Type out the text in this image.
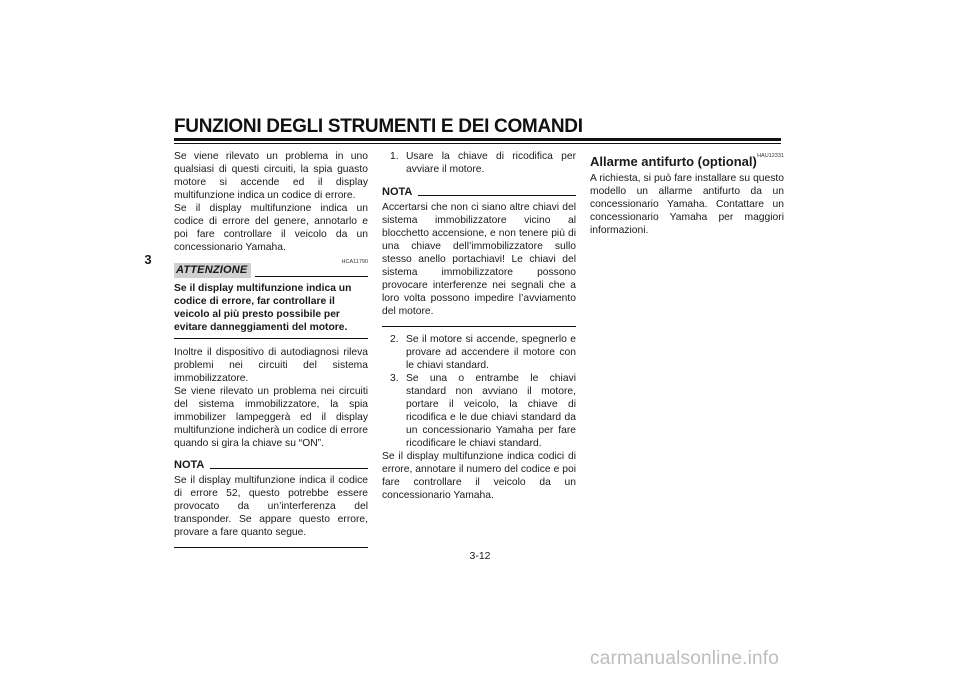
FUNZIONI DEGLI STRUMENTI E DEI COMANDI
3

Se viene rilevato un problema in uno qualsiasi di questi circuiti, la spia guasto motore si accende ed il display multifunzione indica un codice di errore.

Se il display multifunzione indica un codice di errore del genere, annotarlo e poi fare controllare il veicolo da un concessionario Yamaha.

HCA11790
ATTENZIONE

Se il display multifunzione indica un codice di errore, far controllare il veicolo al più presto possibile per evitare danneggiamenti del motore.

Inoltre il dispositivo di autodiagnosi rileva problemi nei circuiti del sistema immobilizzatore.

Se viene rilevato un problema nei circuiti del sistema immobilizzatore, la spia immobilizer lampeggerà ed il display multifunzione indicherà un codice di errore quando si gira la chiave su “ON”.

NOTA

Se il display multifunzione indica il codice di errore 52, questo potrebbe essere provocato da un’interferenza del transponder. Se appare questo errore, provare a fare quanto segue.

1. Usare la chiave di ricodifica per avviare il motore.
NOTA

Accertarsi che non ci siano altre chiavi del sistema immobilizzatore vicino al blocchetto accensione, e non tenere più di una chiave dell’immobilizzatore sullo stesso anello portachiavi! Le chiavi del sistema immobilizzatore possono provocare interferenze nei segnali che a loro volta possono impedire l’avviamento del motore.

2. Se il motore si accende, spegnerlo e provare ad accendere il motore con le chiavi standard.
3. Se una o entrambe le chiavi standard non avviano il motore, portare il veicolo, la chiave di ricodifica e le due chiavi standard da un concessionario Yamaha per fare ricodificare le chiavi standard.

Se il display multifunzione indica codici di errore, annotare il numero del codice e poi fare controllare il veicolo da un concessionario Yamaha.

Allarme antifurto (optional) HAU12331

A richiesta, si può fare installare su questo modello un allarme antifurto da un concessionario Yamaha. Contattare un concessionario Yamaha per maggiori informazioni.

3-12
carmanualsonline.info
